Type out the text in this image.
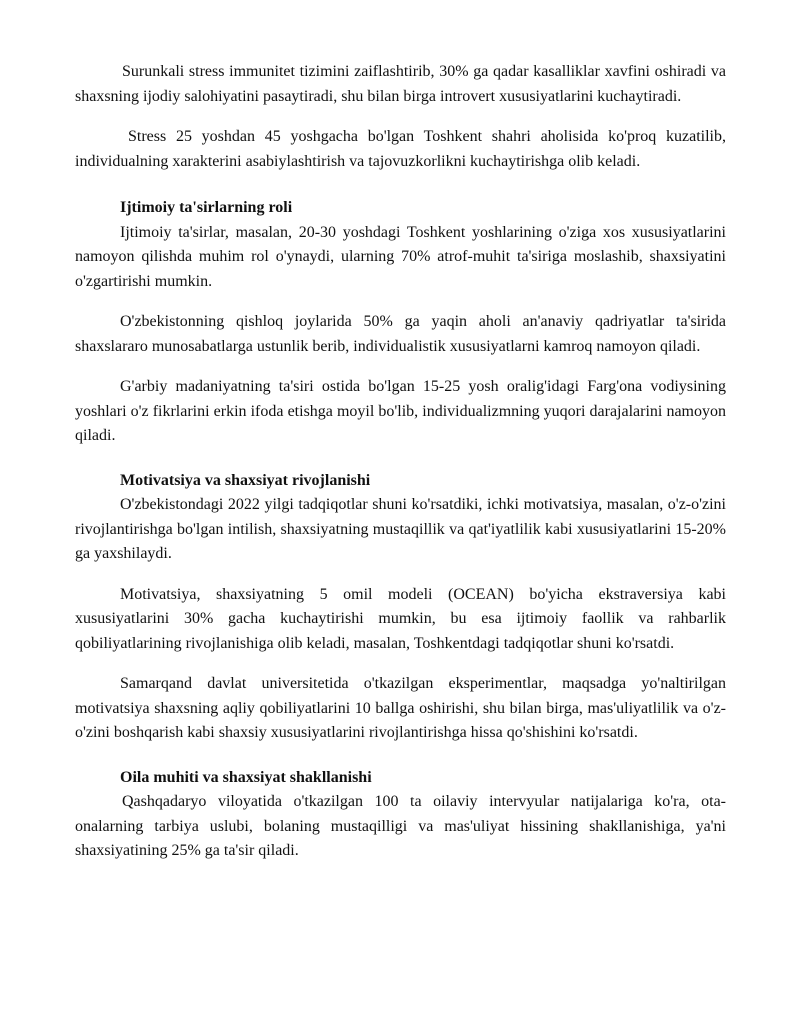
Surunkali stress immunitet tizimini zaiflashtirib, 30% ga qadar kasalliklar xavfini oshiradi va shaxsning ijodiy salohiyatini pasaytiradi, shu bilan birga introvert xususiyatlarini kuchaytiradi.

Stress 25 yoshdan 45 yoshgacha bo'lgan Toshkent shahri aholisida ko'proq kuzatilib, individualning xarakterini asabiylashtirish va tajovuzkorlikni kuchaytirishga olib keladi.

Ijtimoiy ta'sirlarning roli

Ijtimoiy ta'sirlar, masalan, 20-30 yoshdagi Toshkent yoshlarining o'ziga xos xususiyatlarini namoyon qilishda muhim rol o'ynaydi, ularning 70% atrof-muhit ta'siriga moslashib, shaxsiyatini o'zgartirishi mumkin.

O'zbekistonning qishloq joylarida 50% ga yaqin aholi an'anaviy qadriyatlar ta'sirida shaxslararo munosabatlarga ustunlik berib, individualistik xususiyatlarni kamroq namoyon qiladi.

G'arbiy madaniyatning ta'siri ostida bo'lgan 15-25 yosh oralig'idagi Farg'ona vodiysining yoshlari o'z fikrlarini erkin ifoda etishga moyil bo'lib, individualizmning yuqori darajalarini namoyon qiladi.

Motivatsiya va shaxsiyat rivojlanishi

O'zbekistondagi 2022 yilgi tadqiqotlar shuni ko'rsatdiki, ichki motivatsiya, masalan, o'z-o'zini rivojlantirishga bo'lgan intilish, shaxsiyatning mustaqillik va qat'iyatlilik kabi xususiyatlarini 15-20% ga yaxshilaydi.

Motivatsiya, shaxsiyatning 5 omil modeli (OCEAN) bo'yicha ekstraversiya kabi xususiyatlarini 30% gacha kuchaytirishi mumkin, bu esa ijtimoiy faollik va rahbarlik qobiliyatlarining rivojlanishiga olib keladi, masalan, Toshkentdagi tadqiqotlar shuni ko'rsatdi.

Samarqand davlat universitetida o'tkazilgan eksperimentlar, maqsadga yo'naltirilgan motivatsiya shaxsning aqliy qobiliyatlarini 10 ballga oshirishi, shu bilan birga, mas'uliyatlilik va o'z-o'zini boshqarish kabi shaxsiy xususiyatlarini rivojlantirishga hissa qo'shishini ko'rsatdi.

Oila muhiti va shaxsiyat shakllanishi

Qashqadaryo viloyatida o'tkazilgan 100 ta oilaviy intervyular natijalariga ko'ra, ota-onalarning tarbiya uslubi, bolaning mustaqilligi va mas'uliyat hissining shakllanishiga, ya'ni shaxsiyatining 25% ga ta'sir qiladi.
